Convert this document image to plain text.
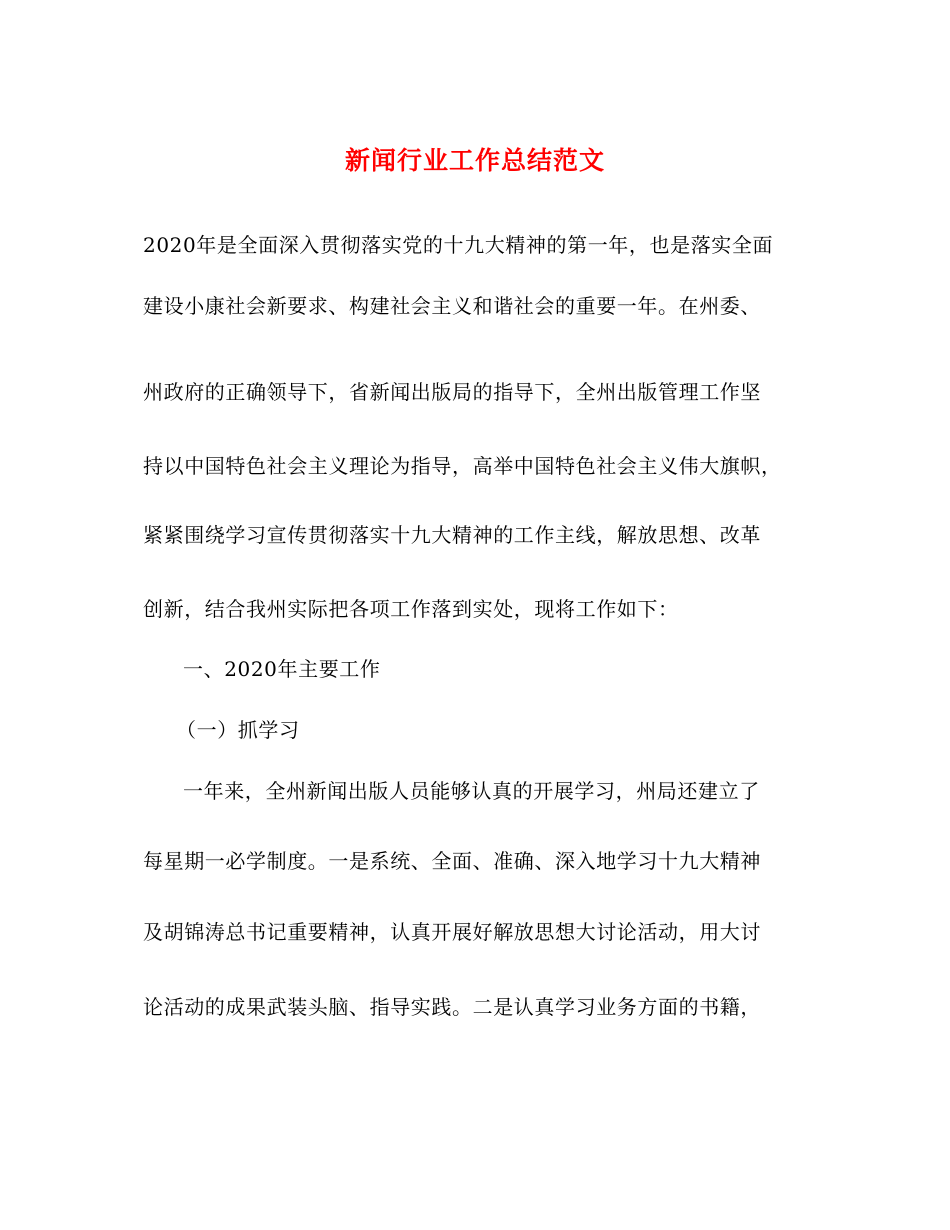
新闻行业工作总结范文
2020年是全面深入贯彻落实党的十九大精神的第一年，也是落实全面
建设小康社会新要求、构建社会主义和谐社会的重要一年。在州委、
州政府的正确领导下，省新闻出版局的指导下，全州出版管理工作坚
持以中国特色社会主义理论为指导，高举中国特色社会主义伟大旗帜，
紧紧围绕学习宣传贯彻落实十九大精神的工作主线，解放思想、改革
创新，结合我州实际把各项工作落到实处，现将工作如下：
一、2020年主要工作
（一）抓学习
一年来，全州新闻出版人员能够认真的开展学习，州局还建立了
每星期一必学制度。一是系统、全面、准确、深入地学习十九大精神
及胡锦涛总书记重要精神，认真开展好解放思想大讨论活动，用大讨
论活动的成果武装头脑、指导实践。二是认真学习业务方面的书籍，
